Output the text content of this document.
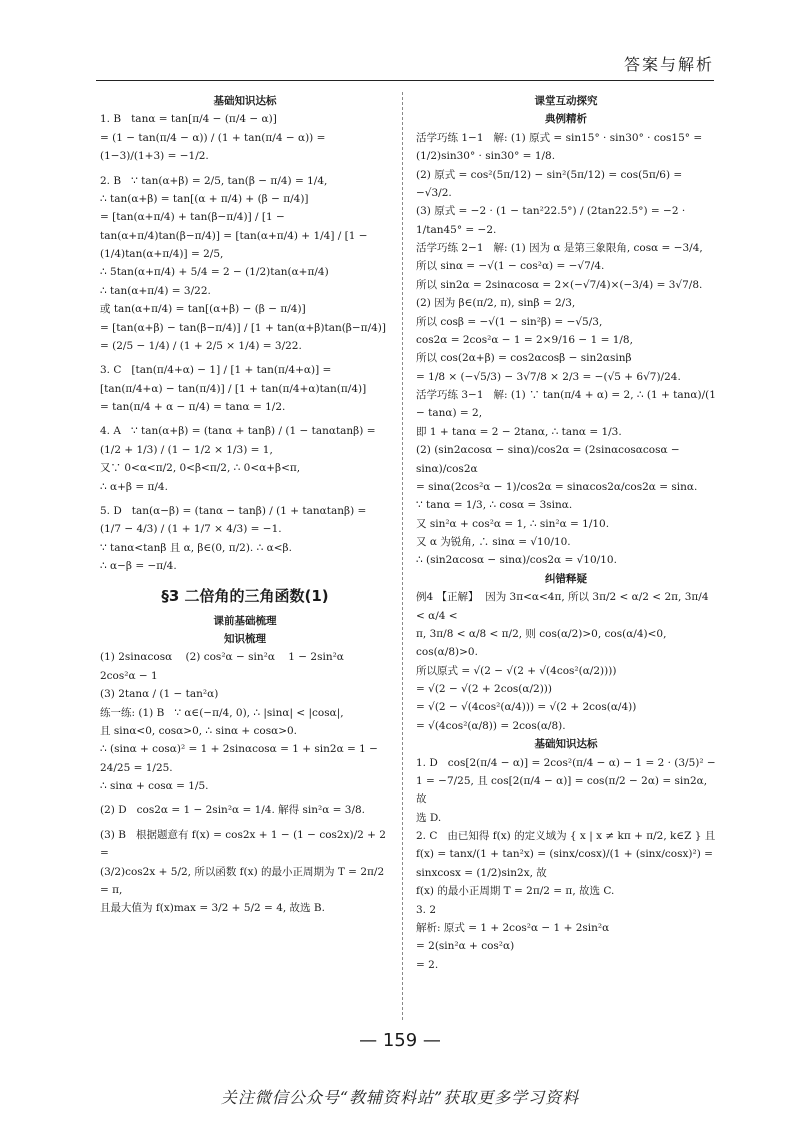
答案与解析
基础知识达标
1. B   tanα = tan[π/4 − (π/4 − α)]
= (1 − tan(π/4 − α)) / (1 + tan(π/4 − α)) = (1−3)/(1+3) = −1/2.
2. B   ∵ tan(α+β) = 2/5, tan(β − π/4) = 1/4,
∴ tan(α+β) = tan[(α + π/4) + (β − π/4)]
= [tan(α+π/4) + tan(β−π/4)] / [1 − tan(α+π/4)tan(β−π/4)] = [tan(α+π/4) + 1/4] / [1 − (1/4)tan(α+π/4)] = 2/5,
∴ 5tan(α+π/4) + 5/4 = 2 − (1/2)tan(α+π/4)
∴ tan(α+π/4) = 3/22.
或 tan(α+π/4) = tan[(α+β) − (β − π/4)]
= [tan(α+β) − tan(β−π/4)] / [1 + tan(α+β)tan(β−π/4)] = (2/5 − 1/4) / (1 + 2/5 × 1/4) = 3/22.
3. C   [tan(π/4+α) − 1] / [1 + tan(π/4+α)] = [tan(π/4+α) − tan(π/4)] / [1 + tan(π/4+α)tan(π/4)]
= tan(π/4 + α − π/4) = tanα = 1/2.
4. A   ∵ tan(α+β) = (tanα + tanβ) / (1 − tanαtanβ) = (1/2 + 1/3) / (1 − 1/2 × 1/3) = 1,
又∵ 0<α<π/2, 0<β<π/2, ∴ 0<α+β<π,
∴ α+β = π/4.
5. D   tan(α−β) = (tanα − tanβ) / (1 + tanαtanβ) = (1/7 − 4/3) / (1 + 1/7 × 4/3) = −1.
∵ tanα<tanβ 且 α, β∈(0, π/2). ∴ α<β.
∴ α−β = −π/4.
§3 二倍角的三角函数(1)
课前基础梳理
知识梳理
(1) 2sinαcosα    (2) cos²α − sin²α    1 − 2sin²α    2cos²α − 1
(3) 2tanα / (1 − tan²α)
练一练: (1) B   ∵ α∈(−π/4, 0), ∴ |sinα| < |cosα|,
且 sinα<0, cosα>0, ∴ sinα + cosα>0.
∴ (sinα + cosα)² = 1 + 2sinαcosα = 1 + sin2α = 1 − 24/25 = 1/25.
∴ sinα + cosα = 1/5.
(2) D   cos2α = 1 − 2sin²α = 1/4. 解得 sin²α = 3/8.
(3) B   根据题意有 f(x) = cos2x + 1 − (1 − cos2x)/2 + 2 =
(3/2)cos2x + 5/2, 所以函数 f(x) 的最小正周期为 T = 2π/2 = π,
且最大值为 f(x)max = 3/2 + 5/2 = 4, 故选 B.
课堂互动探究
典例精析
活学巧练 1−1   解: (1) 原式 = sin15° · sin30° · cos15° =
(1/2)sin30° · sin30° = 1/8.
(2) 原式 = cos²(5π/12) − sin²(5π/12) = cos(5π/6) = −√3/2.
(3) 原式 = −2 · (1 − tan²22.5°) / (2tan22.5°) = −2 · 1/tan45° = −2.
活学巧练 2−1   解: (1) 因为 α 是第三象限角, cosα = −3/4,
所以 sinα = −√(1 − cos²α) = −√7/4.
所以 sin2α = 2sinαcosα = 2×(−√7/4)×(−3/4) = 3√7/8.
(2) 因为 β∈(π/2, π), sinβ = 2/3,
所以 cosβ = −√(1 − sin²β) = −√5/3,
cos2α = 2cos²α − 1 = 2×9/16 − 1 = 1/8,
所以 cos(2α+β) = cos2αcosβ − sin2αsinβ
= 1/8 × (−√5/3) − 3√7/8 × 2/3 = −(√5 + 6√7)/24.
活学巧练 3−1   解: (1) ∵ tan(π/4 + α) = 2, ∴ (1 + tanα)/(1 − tanα) = 2,
即 1 + tanα = 2 − 2tanα, ∴ tanα = 1/3.
(2) (sin2αcosα − sinα)/cos2α = (2sinαcosαcosα − sinα)/cos2α
= sinα(2cos²α − 1)/cos2α = sinαcos2α/cos2α = sinα.
∵ tanα = 1/3, ∴ cosα = 3sinα.
又 sin²α + cos²α = 1, ∴ sin²α = 1/10.
又 α 为锐角, ∴ sinα = √10/10.
∴ (sin2αcosα − sinα)/cos2α = √10/10.
纠错释疑
例4 【正解】  因为 3π<α<4π, 所以 3π/2 < α/2 < 2π, 3π/4 < α/4 <
π, 3π/8 < α/8 < π/2, 则 cos(α/2)>0, cos(α/4)<0, cos(α/8)>0.
所以原式 = √(2 − √(2 + √(4cos²(α/2))))
= √(2 − √(2 + 2cos(α/2)))
= √(2 − √(4cos²(α/4))) = √(2 + 2cos(α/4))
= √(4cos²(α/8)) = 2cos(α/8).
基础知识达标
1. D   cos[2(π/4 − α)] = 2cos²(π/4 − α) − 1 = 2 · (3/5)² −
1 = −7/25, 且 cos[2(π/4 − α)] = cos(π/2 − 2α) = sin2α, 故
选 D.
2. C   由已知得 f(x) 的定义域为 { x | x ≠ kπ + π/2, k∈Z } 且
f(x) = tanx/(1 + tan²x) = (sinx/cosx)/(1 + (sinx/cosx)²) = sinxcosx = (1/2)sin2x, 故
f(x) 的最小正周期 T = 2π/2 = π, 故选 C.
3. 2
解析: 原式 = 1 + 2cos²α − 1 + 2sin²α
= 2(sin²α + cos²α)
= 2.
— 159 —
关注微信公众号“教辅资料站”获取更多学习资料
